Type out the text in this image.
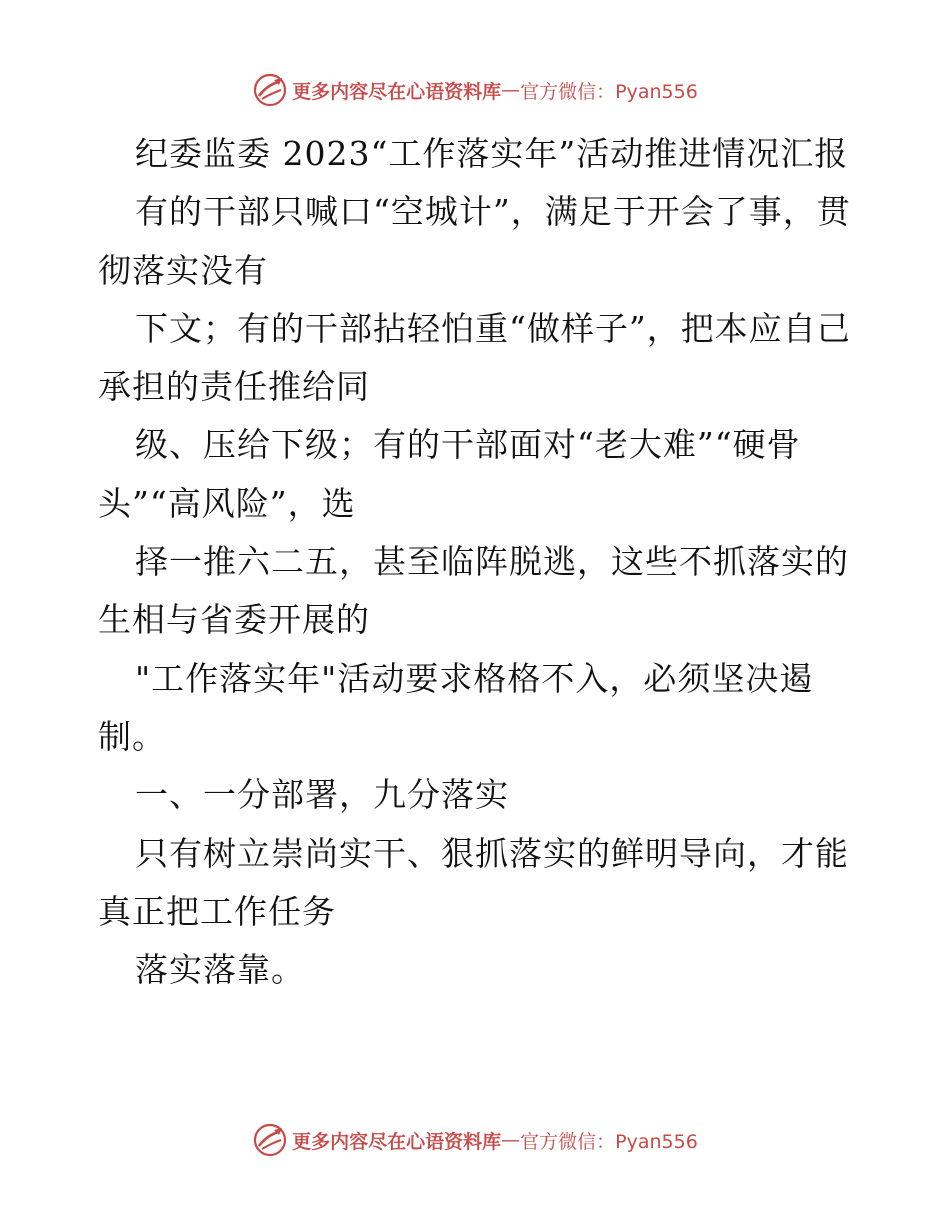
更多内容尽在心语资料库 — 官方微信：Pyan556

纪委监委 2023“工作落实年”活动推进情况汇报

有的干部只喊口“空城计”，满足于开会了事，贯彻落实没有

下文；有的干部拈轻怕重“做样子”，把本应自己承担的责任推给同

级、压给下级；有的干部面对“老大难”“硬骨头”“高风险”，选

择一推六二五，甚至临阵脱逃，这些不抓落实的生相与省委开展的

"工作落实年"活动要求格格不入，必须坚决遏制。

一、一分部署，九分落实

只有树立崇尚实干、狠抓落实的鲜明导向，才能真正把工作任务

落实落靠。

更多内容尽在心语资料库 — 官方微信：Pyan556
